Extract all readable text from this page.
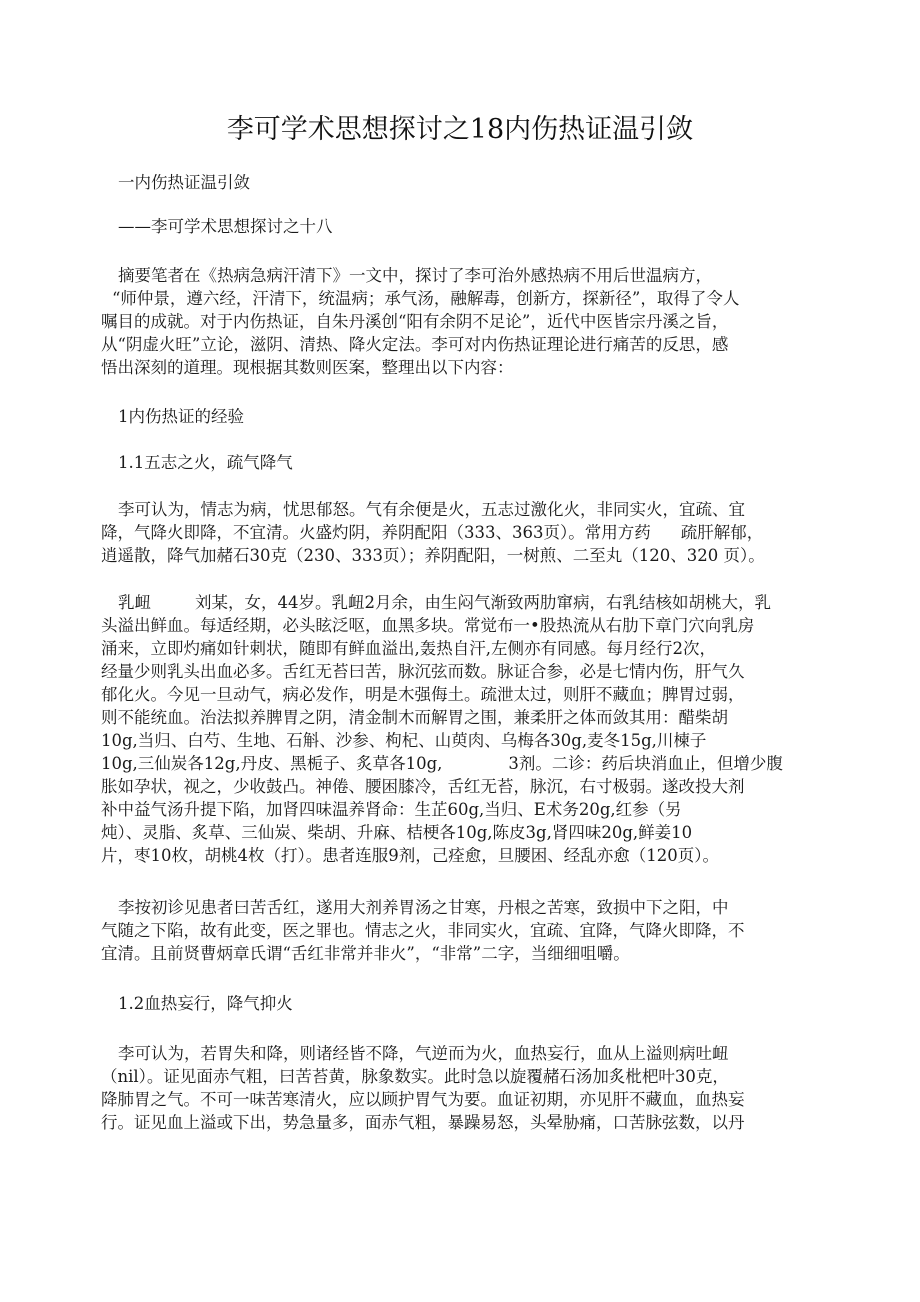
李可学术思想探讨之18内伤热证温引敛
一内伤热证温引敛
——李可学术思想探讨之十八
摘要笔者在《热病急病汗清下》一文中，探讨了李可治外感热病不用后世温病方，
“师仲景，遵六经，汗清下，统温病；承气汤，融解毒，创新方，探新径”，取得了令人
嘱目的成就。对于内伤热证，自朱丹溪创“阳有余阴不足论”，近代中医皆宗丹溪之旨，
从“阴虚火旺”立论，滋阴、清热、降火定法。李可对内伤热证理论进行痛苦的反思，感
悟出深刻的道理。现根据其数则医案，整理出以下内容：
1内伤热证的经验
1.1五志之火，疏气降气
李可认为，情志为病，忧思郁怒。气有余便是火，五志过激化火，非同实火，宜疏、宜
降，气降火即降，不宜清。火盛灼阴，养阴配阳（333、363页）。常用方药 疏肝解郁，
逍遥散，降气加赭石30克（230、333页）；养阴配阳，一树煎、二至丸（120、320 页）。
乳衄	刘某，女，44岁。乳衄2月余，由生闷气渐致两肋窜病，右乳结核如胡桃大，乳
头溢出鲜血。每适经期，必头眩泛呕，血黑多块。常觉布一•股热流从右肋下章门穴向乳房
涌来，立即灼痛如针刺状，随即有鲜血溢出,轰热自汗,左侧亦有同感。每月经行2次，
经量少则乳头出血必多。舌红无苔曰苦，脉沉弦而数。脉证合参，必是七情内伤，肝气久
郁化火。今见一旦动气，病必发作，明是木强侮土。疏泄太过，则肝不藏血；脾胃过弱，
则不能统血。治法拟养脾胃之阴，清金制木而解胃之围，兼柔肝之体而敛其用：醋柴胡
10g,当归、白芍、生地、石斛、沙参、枸杞、山萸肉、乌梅各30g,麦冬15g,川楝子
10g,三仙炭各12g,丹皮、黑栀子、炙草各10g,	3剂。二诊：药后块消血止，但增少腹
胀如孕状，视之，少收鼓凸。神倦、腰困膝冷，舌红无苔，脉沉，右寸极弱。遂改投大剂
补中益气汤升提下陷，加肾四味温养肾命：生芷60g,当归、E术务20g,红参（另
炖）、灵脂、炙草、三仙炭、柴胡、升麻、桔梗各10g,陈皮3g,肾四味20g,鲜姜10
片，枣10枚，胡桃4枚（打）。患者连服9剂，己痊愈，旦腰困、经乱亦愈（120页）。
李按初诊见患者曰苦舌红，遂用大剂养胃汤之甘寒，丹根之苦寒，致损中下之阳，中
气随之下陷，故有此变，医之罪也。情志之火，非同实火，宜疏、宜降，气降火即降，不
宜清。且前贤曹炳章氏谓“舌红非常并非火”，“非常”二字，当细细咀嚼。
1.2血热妄行，降气抑火
李可认为，若胃失和降，则诸经皆不降，气逆而为火，血热妄行，血从上溢则病吐衄
（nil）。证见面赤气粗，曰苦苔黄，脉象数实。此时急以旋覆赭石汤加炙枇杷叶30克，
降肺胃之气。不可一味苦寒清火，应以顾护胃气为要。血证初期，亦见肝不藏血，血热妄
行。证见血上溢或下出，势急量多，面赤气粗，暴躁易怒，头晕胁痛，口苦脉弦数，以丹
